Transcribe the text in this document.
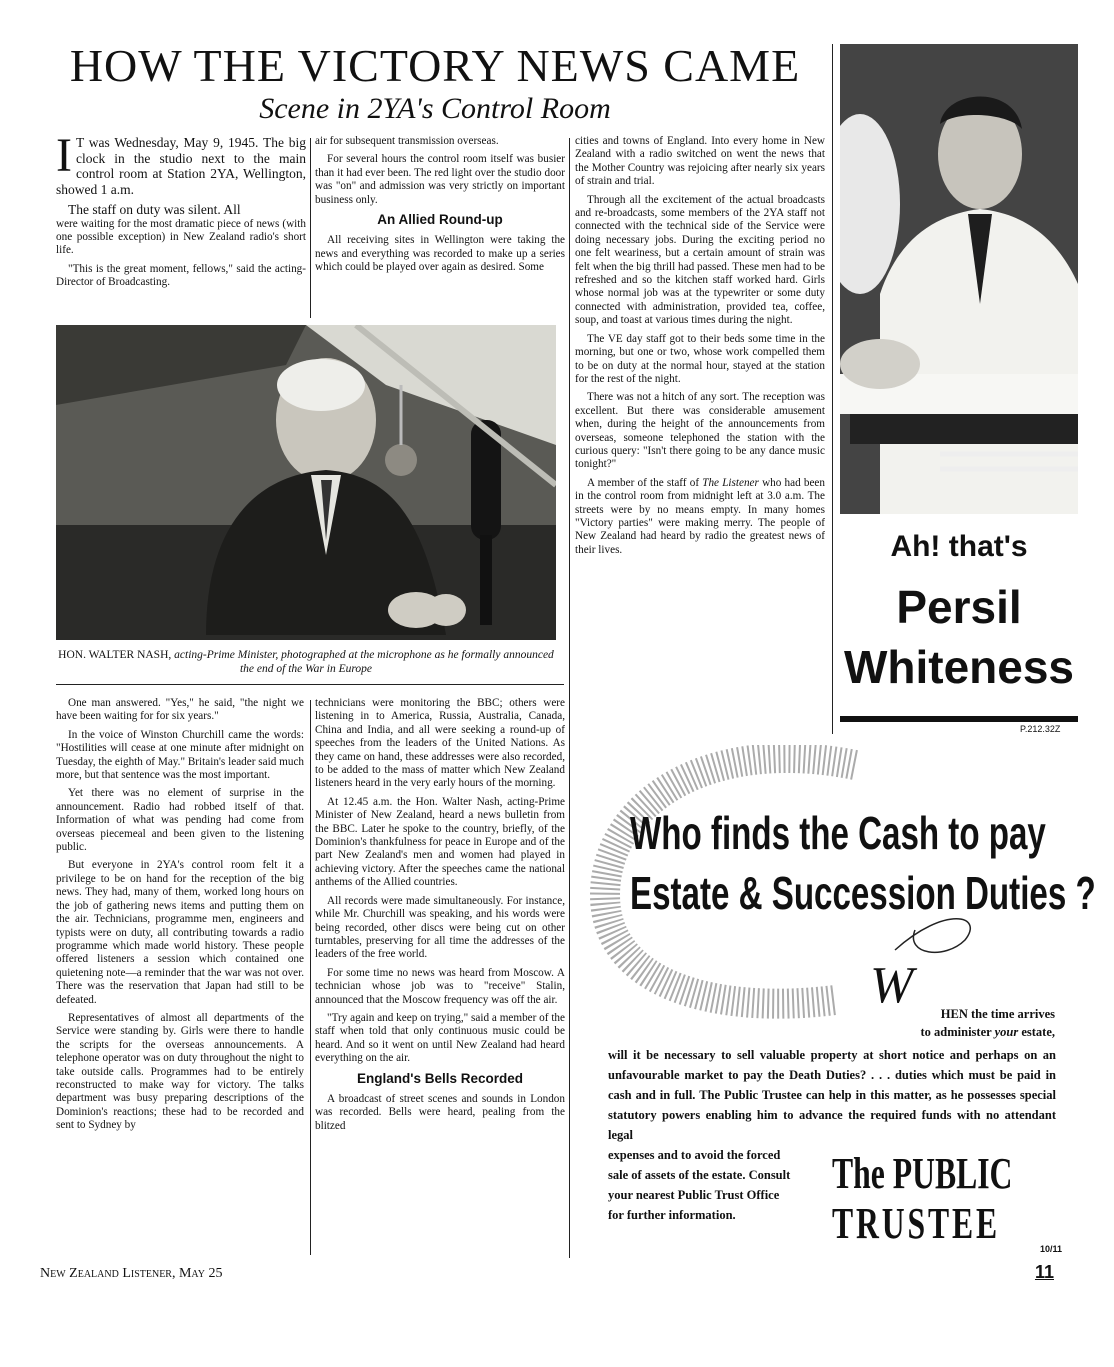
HOW THE VICTORY NEWS CAME
Scene in 2YA's Control Room

I T was Wednesday, May 9, 1945. The big clock in the studio next to the main control room at Station 2YA, Wellington, showed 1 a.m.

The staff on duty was silent. All

were waiting for the most dramatic piece of news (with one possible exception) in New Zealand radio's short life.

"This is the great moment, fellows," said the acting-Director of Broadcasting.

air for subsequent transmission overseas.

For several hours the control room itself was busier than it had ever been. The red light over the studio door was "on" and admission was very strictly on important business only.

An Allied Round-up

All receiving sites in Wellington were taking the news and everything was recorded to make up a series which could be played over again as desired. Some

cities and towns of England. Into every home in New Zealand with a radio switched on went the news that the Mother Country was rejoicing after nearly six years of strain and trial.

Through all the excitement of the actual broadcasts and re-broadcasts, some members of the 2YA staff not connected with the technical side of the Service were doing necessary jobs. During the exciting period no one felt weariness, but a certain amount of strain was felt when the big thrill had passed. These men had to be refreshed and so the kitchen staff worked hard. Girls whose normal job was at the typewriter or some duty connected with administration, provided tea, coffee, soup, and toast at various times during the night.

The VE day staff got to their beds some time in the morning, but one or two, whose work compelled them to be on duty at the normal hour, stayed at the station for the rest of the night.

There was not a hitch of any sort. The reception was excellent. But there was considerable amusement when, during the height of the announcements from overseas, someone telephoned the station with the curious query: "Isn't there going to be any dance music tonight?"

A member of the staff of The Listener who had been in the control room from midnight left at 3.0 a.m. The streets were by no means empty. In many homes "Victory parties" were making merry. The people of New Zealand had heard by radio the greatest news of their lives.

HON. WALTER NASH, acting-Prime Minister, photographed at the microphone as he formally announced the end of the War in Europe

One man answered. "Yes," he said, "the night we have been waiting for for six years."

In the voice of Winston Churchill came the words: "Hostilities will cease at one minute after midnight on Tuesday, the eighth of May." Britain's leader said much more, but that sentence was the most important.

Yet there was no element of surprise in the announcement. Radio had robbed itself of that. Information of what was pending had come from overseas piecemeal and been given to the listening public.

But everyone in 2YA's control room felt it a privilege to be on hand for the reception of the big news. They had, many of them, worked long hours on the job of gathering news items and putting them on the air. Technicians, programme men, engineers and typists were on duty, all contributing towards a radio programme which made world history. These people offered listeners a session which contained one quietening note—a reminder that the war was not over. There was the reservation that Japan had still to be defeated.

Representatives of almost all departments of the Service were standing by. Girls were there to handle the scripts for the overseas announcements. A telephone operator was on duty throughout the night to take outside calls. Programmes had to be entirely reconstructed to make way for victory. The talks department was busy preparing descriptions of the Dominion's reactions; these had to be recorded and sent to Sydney by

technicians were monitoring the BBC; others were listening in to America, Russia, Australia, Canada, China and India, and all were seeking a round-up of speeches from the leaders of the United Nations. As they came on hand, these addresses were also recorded, to be added to the mass of matter which New Zealand listeners heard in the very early hours of the morning.

At 12.45 a.m. the Hon. Walter Nash, acting-Prime Minister of New Zealand, heard a news bulletin from the BBC. Later he spoke to the country, briefly, of the Dominion's thankfulness for peace in Europe and of the part New Zealand's men and women had played in achieving victory. After the speeches came the national anthems of the Allied countries.

All records were made simultaneously. For instance, while Mr. Churchill was speaking, and his words were being recorded, other discs were being cut on other turntables, preserving for all time the addresses of the leaders of the free world.

For some time no news was heard from Moscow. A technician whose job was to "receive" Stalin, announced that the Moscow frequency was off the air.

"Try again and keep on trying," said a member of the staff when told that only continuous music could be heard. And so it went on until New Zealand had heard everything on the air.

England's Bells Recorded

A broadcast of street scenes and sounds in London was recorded. Bells were heard, pealing from the blitzed

Ah! that's
Persil
Whiteness
P.212.32Z
Who finds the Cash to pay
Estate & Succession Duties ?
W	HEN the time arrives
to administer your estate,
will it be necessary to sell valuable property at short notice and perhaps on an unfavourable market to pay the Death Duties? . . . duties which must be paid in cash and in full. The Public Trustee can help in this matter, as he possesses special statutory powers enabling him to advance the required funds with no attendant legal
expenses and to avoid the forced sale of assets of the estate. Consult your nearest Public Trust Office for further information.
The PUBLIC
TRUSTEE
10/11
New Zealand Listener, May 25	11
